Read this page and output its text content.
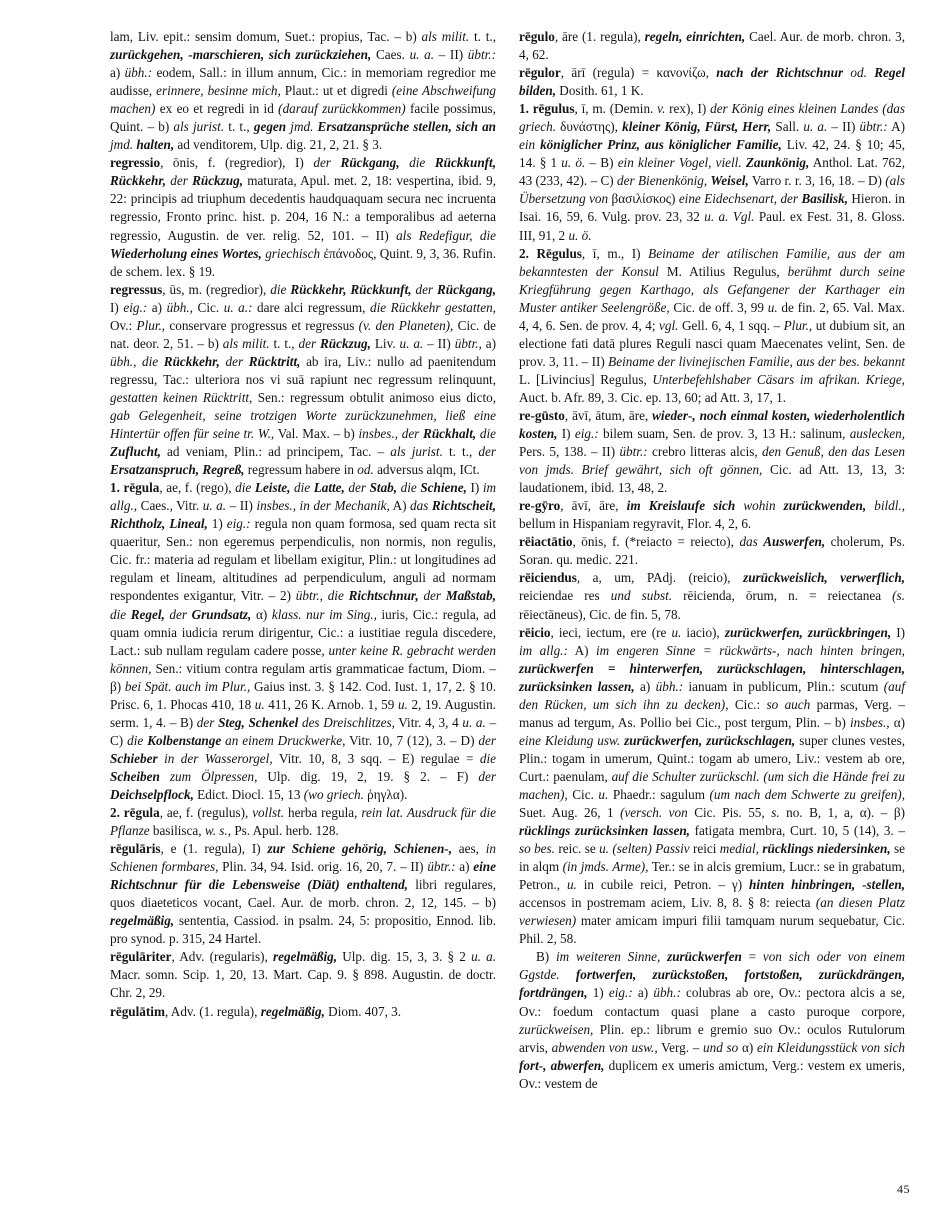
lam, Liv. epit.: sensim domum, Suet.: propius, Tac. – b) als milit. t. t., zurückgehen, -marschieren, sich zurückziehen, Caes. u. a. – II) übtr.: a) übh.: eodem, Sall.: in illum annum, Cic.: in memoriam regredior me audisse, erinnere, besinne mich, Plaut.: ut et digredi (eine Abschweifung machen) ex eo et regredi in id (darauf zurückkommen) facile possimus, Quint. – b) als jurist. t. t., gegen jmd. Ersatzansprüche stellen, sich an jmd. halten, ad venditorem, Ulp. dig. 21, 2, 21. § 3.

regressio, ōnis, f. (regredior), I) der Rückgang, die Rückkunft, Rückkehr, der Rückzug, maturata, Apul. met. 2, 18: vespertina, ibid. 9, 22: principis ad triuphum decedentis haudquaquam secura nec incruenta regressio, Fronto princ. hist. p. 204, 16 N.: a temporalibus ad aeterna regressio, Augustin. de ver. relig. 52, 101. – II) als Redefigur, die Wiederholung eines Wortes, griechisch ἐπάνοδος, Quint. 9, 3, 36. Rufin. de schem. lex. § 19.

regressus, ūs, m. (regredior), die Rückkehr, Rückkunft, der Rückgang, I) eig.: a) übh., Cic. u. a.: dare alci regressum, die Rückkehr gestatten, Ov.: Plur., conservare progressus et regressus (v. den Planeten), Cic. de nat. deor. 2, 51. – b) als milit. t. t., der Rückzug, Liv. u. a. – II) übtr., a) übh., die Rückkehr, der Rücktritt, ab ira, Liv.: nullo ad paenitendum regressu, Tac.: ulteriora nos vi suā rapiunt nec regressum relinquunt, gestatten keinen Rücktritt, Sen.: regressum obtulit animoso eius dicto, gab Gelegenheit, seine trotzigen Worte zurückzunehmen, ließ eine Hintertür offen für seine tr. W., Val. Max. – b) insbes., der Rückhalt, die Zuflucht, ad veniam, Plin.: ad principem, Tac. – als jurist. t. t., der Ersatzanspruch, Regreß, regressum habere in od. adversus alqm, ICt.

1. rēgula, ae, f. (rego), die Leiste, die Latte, der Stab, die Schiene, I) im allg., Caes., Vitr. u. a. – II) insbes., in der Mechanik, A) das Richtscheit, Richtholz, Lineal, 1) eig.: regula non quam formosa, sed quam recta sit quaeritur, Sen.: non egeremus perpendiculis, non normis, non regulis, Cic. fr.: materia ad regulam et libellam exigitur, Plin.: ut longitudines ad regulam et lineam, altitudines ad perpendiculum, anguli ad normam respondentes exigantur, Vitr. – 2) übtr., die Richtschnur, der Maßstab, die Regel, der Grundsatz, α) klass. nur im Sing., iuris, Cic.: regula, ad quam omnia iudicia rerum dirigentur, Cic.: a iustitiae regula discedere, Lact.: sub nullam regulam cadere posse, unter keine R. gebracht werden können, Sen.: vitium contra regulam artis grammaticae factum, Diom. – β) bei Spät. auch im Plur., Gaius inst. 3. § 142. Cod. Iust. 1, 17, 2. § 10. Prisc. 6, 1. Phocas 410, 18 u. 411, 26 K. Arnob. 1, 59 u. 2, 19. Augustin. serm. 1, 4. – B) der Steg, Schenkel des Dreischlitzes, Vitr. 4, 3, 4 u. a. – C) die Kolbenstange an einem Druckwerke, Vitr. 10, 7 (12), 3. – D) der Schieber in der Wasserorgel, Vitr. 10, 8, 3 sqq. – E) regulae = die Scheiben zum Ölpressen, Ulp. dig. 19, 2, 19. § 2. – F) der Deichselpflock, Edict. Diocl. 15, 13 (wo griech. ῥηγλα).

2. rēgula, ae, f. (regulus), vollst. herba regula, rein lat. Ausdruck für die Pflanze basilisca, w. s., Ps. Apul. herb. 128.

rēgulāris, e (1. regula), I) zur Schiene gehörig, Schienen-, aes, in Schienen formbares, Plin. 34, 94. Isid. orig. 16, 20, 7. – II) übtr.: a) eine Richtschnur für die Lebensweise (Diät) enthaltend, libri regulares, quos diaeteticos vocant, Cael. Aur. de morb. chron. 2, 12, 145. – b) regelmäßig, sententia, Cassiod. in psalm. 24, 5: propositio, Ennod. lib. pro synod. p. 315, 24 Hartel.

rēgulāriter, Adv. (regularis), regelmäßig, Ulp. dig. 15, 3, 3. § 2 u. a. Macr. somn. Scip. 1, 20, 13. Mart. Cap. 9. § 898. Augustin. de doctr. Chr. 2, 29.

rēgulātim, Adv. (1. regula), regelmäßig, Diom. 407, 3.

rēgulo, āre (1. regula), regeln, einrichten, Cael. Aur. de morb. chron. 3, 4, 62.

rēgulor, ārī (regula) = κανονίζω, nach der Richtschnur od. Regel bilden, Dosith. 61, 1 K.

1. rēgulus, ī, m. (Demin. v. rex), I) der König eines kleinen Landes (das griech. δυνάστης), kleiner König, Fürst, Herr, Sall. u. a. – II) übtr.: A) ein königlicher Prinz, aus königlicher Familie, Liv. 42, 24. § 10; 45, 14. § 1 u. ö. – B) ein kleiner Vogel, viell. Zaunkönig, Anthol. Lat. 762, 43 (233, 42). – C) der Bienenkönig, Weisel, Varro r. r. 3, 16, 18. – D) (als Übersetzung von βασιλίσκος) eine Eidechsenart, der Basilisk, Hieron. in Isai. 16, 59, 6. Vulg. prov. 23, 32 u. a. Vgl. Paul. ex Fest. 31, 8. Gloss. III, 91, 2 u. ö.

2. Rēgulus, ī, m., I) Beiname der atilischen Familie, aus der am bekanntesten der Konsul M. Atilius Regulus, berühmt durch seine Kriegführung gegen Karthago, als Gefangener der Karthager ein Muster antiker Seelengröße, Cic. de off. 3, 99 u. de fin. 2, 65. Val. Max. 4, 4, 6. Sen. de prov. 4, 4; vgl. Gell. 6, 4, 1 sqq. – Plur., ut dubium sit, an electione fati datā plures Reguli nasci quam Maecenates velint, Sen. de prov. 3, 11. – II) Beiname der livinejischen Familie, aus der bes. bekannt L. [Livincius] Regulus, Unterbefehlshaber Cäsars im afrikan. Kriege, Auct. b. Afr. 89, 3. Cic. ep. 13, 60; ad Att. 3, 17, 1.

re-gūsto, āvī, ātum, āre, wieder-, noch einmal kosten, wiederholentlich kosten, I) eig.: bilem suam, Sen. de prov. 3, 13 H.: salinum, auslecken, Pers. 5, 138. – II) übtr.: crebro litteras alcis, den Genuß, den das Lesen von jmds. Brief gewährt, sich oft gönnen, Cic. ad Att. 13, 13, 3: laudationem, ibid. 13, 48, 2.

re-gȳro, āvī, āre, im Kreislaufe sich wohin zurückwenden, bildl., bellum in Hispaniam regyravit, Flor. 4, 2, 6.

rēiactātio, ōnis, f. (*reiacto = reiecto), das Auswerfen, cholerum, Ps. Soran. qu. medic. 221.

rēiciendus, a, um, PAdj. (reicio), zurückweislich, verwerflich, reiciendae res und subst. rēicienda, ōrum, n. = reiectanea (s. rēiectāneus), Cic. de fin. 5, 78.

rēicio, ieci, iectum, ere (re u. iacio), zurückwerfen, zurückbringen, I) im allg.: A) im engeren Sinne = rückwärts-, nach hinten bringen, zurückwerfen = hinterwerfen, zurückschlagen, hinterschlagen, zurücksinken lassen, a) übh.: ianuam in publicum, Plin.: scutum (auf den Rücken, um sich ihn zu decken), Cic.: so auch parmas, Verg. – manus ad tergum, As. Pollio bei Cic., post tergum, Plin. – b) insbes., α) eine Kleidung usw. zurückwerfen, zurückschlagen, super clunes vestes, Plin.: togam in umerum, Quint.: togam ab umero, Liv.: vestem ab ore, Curt.: paenulam, auf die Schulter zurückschl. (um sich die Hände frei zu machen), Cic. u. Phaedr.: sagulum (um nach dem Schwerte zu greifen), Suet. Aug. 26, 1 (versch. von Cic. Pis. 55, s. no. B, 1, a, α). – β) rücklings zurücksinken lassen, fatigata membra, Curt. 10, 5 (14), 3. – so bes. reic. se u. (selten) Passiv reici medial, rücklings niedersinken, se in alqm (in jmds. Arme), Ter.: se in alcis gremium, Lucr.: se in grabatum, Petron., u. in cubile reici, Petron. – γ) hinten hinbringen, -stellen, accensos in postremam aciem, Liv. 8, 8. § 8: reiecta (an diesen Platz verwiesen) mater amicam impuri filii tamquam nurum sequebatur, Cic. Phil. 2, 58.

B) im weiteren Sinne, zurückwerfen = von sich oder von einem Ggstde. fortwerfen, zurückstoßen, fortstoßen, zurückdrängen, fortdrängen, 1) eig.: a) übh.: colubras ab ore, Ov.: pectora alcis a se, Ov.: foedum contactum quasi plane a casto puroque corpore, zurückweisen, Plin. ep.: librum e gremio suo Ov.: oculos Rutulorum arvis, abwenden von usw., Verg. – und so α) ein Kleidungsstück von sich fort-, abwerfen, duplicem ex umeris amictum, Verg.: vestem ex umeris, Ov.: vestem de

45
